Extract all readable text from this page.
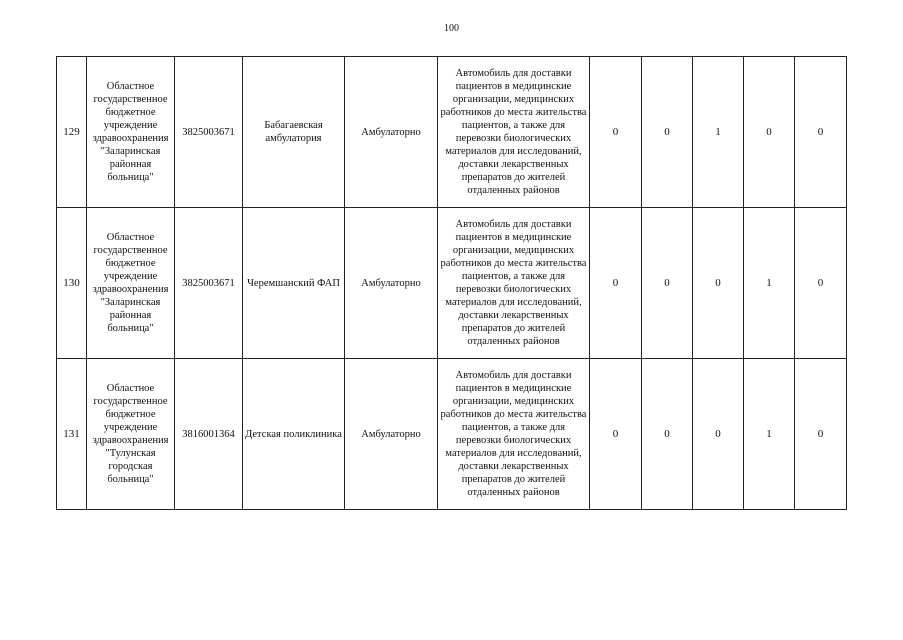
100
129	Областное государственное бюджетное учреждение здравоохранения "Заларинская районная больница"	3825003671	Бабагаевская амбулатория	Амбулаторно	Автомобиль для доставки пациентов в медицинские организации, медицинских работников до места жительства пациентов, а также для перевозки биологических материалов для исследований, доставки лекарственных препаратов до жителей отдаленных районов	0	0	1	0	0
130	Областное государственное бюджетное учреждение здравоохранения "Заларинская районная больница"	3825003671	Черемшанский ФАП	Амбулаторно	Автомобиль для доставки пациентов в медицинские организации, медицинских работников до места жительства пациентов, а также для перевозки биологических материалов для исследований, доставки лекарственных препаратов до жителей отдаленных районов	0	0	0	1	0
131	Областное государственное бюджетное учреждение здравоохранения "Тулунская городская больница"	3816001364	Детская поликлиника	Амбулаторно	Автомобиль для доставки пациентов в медицинские организации, медицинских работников до места жительства пациентов, а также для перевозки биологических материалов для исследований, доставки лекарственных препаратов до жителей отдаленных районов	0	0	0	1	0
